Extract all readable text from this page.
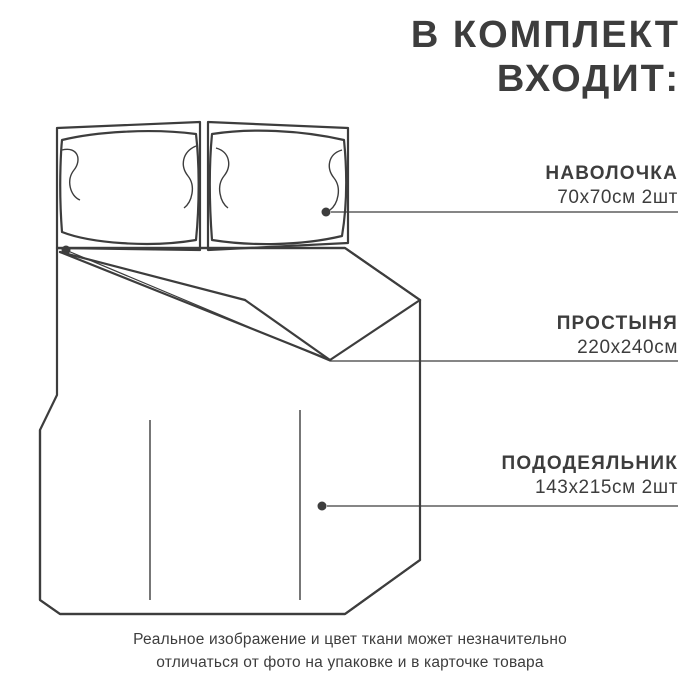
В КОМПЛЕКТ
ВХОДИТ:
НАВОЛОЧКА
70х70см 2шт
ПРОСТЫНЯ
220х240см
ПОДОДЕЯЛЬНИК
143х215см 2шт
Реальное изображение и цвет ткани может незначительно
отличаться от фото на упаковке и в карточке товара
